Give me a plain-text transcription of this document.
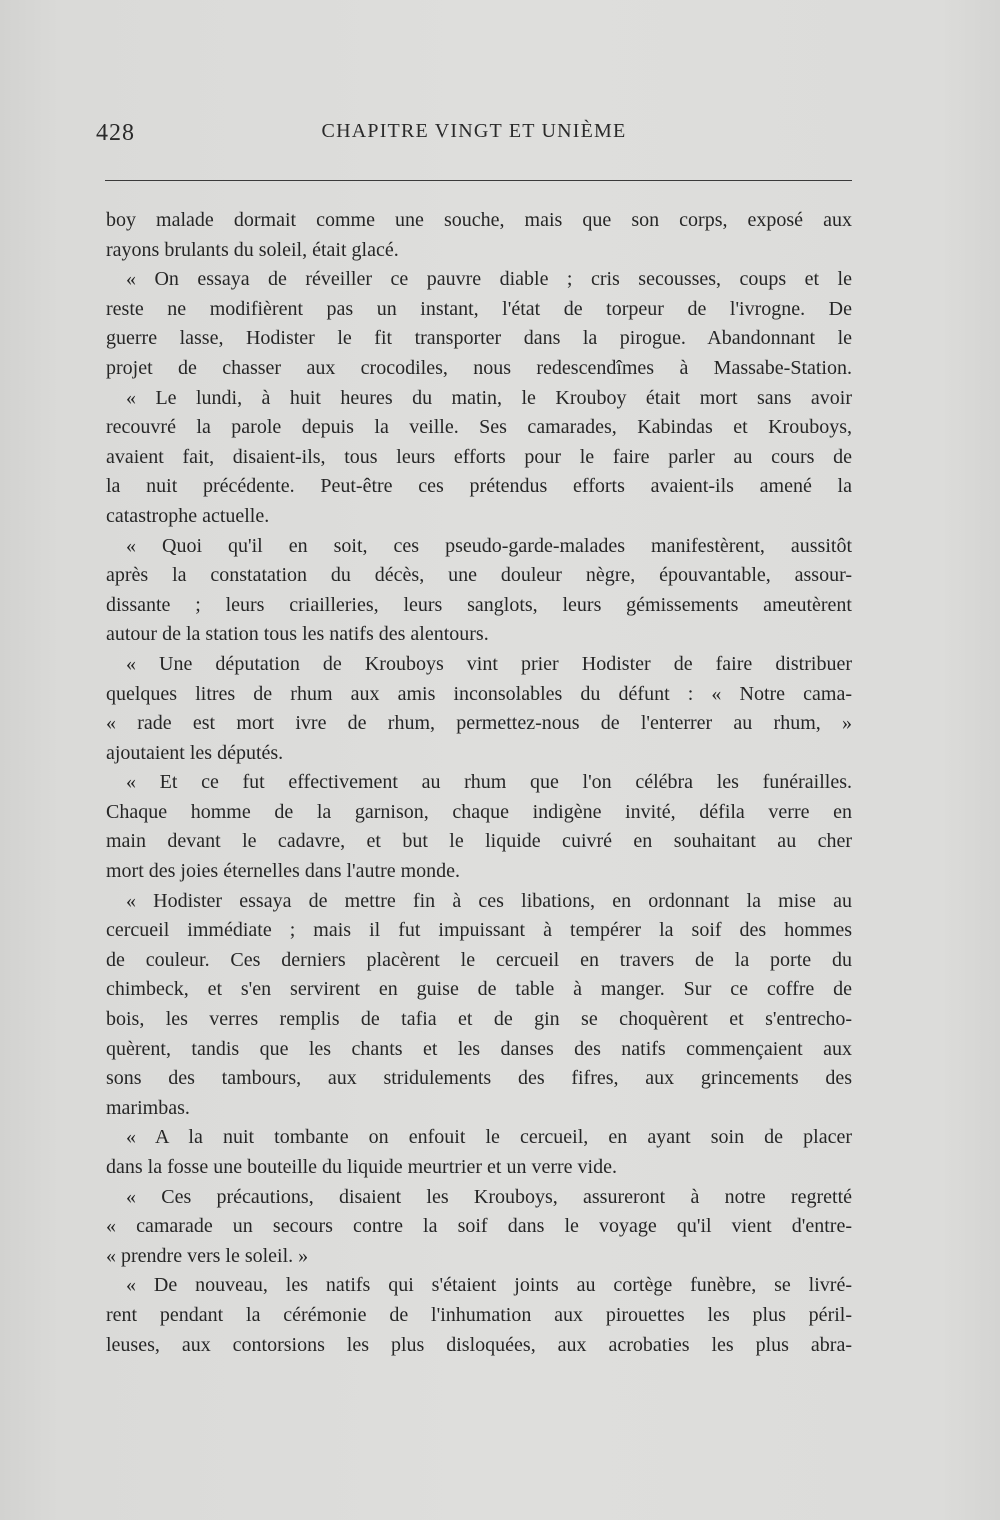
428	CHAPITRE VINGT ET UNIÈME
boy malade dormait comme une souche, mais que son corps, exposé aux
rayons brulants du soleil, était glacé.
« On essaya de réveiller ce pauvre diable ; cris secousses, coups et le
reste ne modifièrent pas un instant, l'état de torpeur de l'ivrogne. De
guerre lasse, Hodister le fit transporter dans la pirogue. Abandonnant le
projet de chasser aux crocodiles, nous redescendîmes à Massabe-Station.
« Le lundi, à huit heures du matin, le Krouboy était mort sans avoir
recouvré la parole depuis la veille. Ses camarades, Kabindas et Krouboys,
avaient fait, disaient-ils, tous leurs efforts pour le faire parler au cours de
la nuit précédente. Peut-être ces prétendus efforts avaient-ils amené la
catastrophe actuelle.
« Quoi qu'il en soit, ces pseudo-garde-malades manifestèrent, aussitôt
après la constatation du décès, une douleur nègre, épouvantable, assour-
dissante ; leurs criailleries, leurs sanglots, leurs gémissements ameutèrent
autour de la station tous les natifs des alentours.
« Une députation de Krouboys vint prier Hodister de faire distribuer
quelques litres de rhum aux amis inconsolables du défunt : « Notre cama-
« rade est mort ivre de rhum, permettez-nous de l'enterrer au rhum, »
ajoutaient les députés.
« Et ce fut effectivement au rhum que l'on célébra les funérailles.
Chaque homme de la garnison, chaque indigène invité, défila verre en
main devant le cadavre, et but le liquide cuivré en souhaitant au cher
mort des joies éternelles dans l'autre monde.
« Hodister essaya de mettre fin à ces libations, en ordonnant la mise au
cercueil immédiate ; mais il fut impuissant à tempérer la soif des hommes
de couleur. Ces derniers placèrent le cercueil en travers de la porte du
chimbeck, et s'en servirent en guise de table à manger. Sur ce coffre de
bois, les verres remplis de tafia et de gin se choquèrent et s'entrecho-
quèrent, tandis que les chants et les danses des natifs commençaient aux
sons des tambours, aux stridulements des fifres, aux grincements des
marimbas.
« A la nuit tombante on enfouit le cercueil, en ayant soin de placer
dans la fosse une bouteille du liquide meurtrier et un verre vide.
« Ces précautions, disaient les Krouboys, assureront à notre regretté
« camarade un secours contre la soif dans le voyage qu'il vient d'entre-
« prendre vers le soleil. »
« De nouveau, les natifs qui s'étaient joints au cortège funèbre, se livré-
rent pendant la cérémonie de l'inhumation aux pirouettes les plus péril-
leuses, aux contorsions les plus disloquées, aux acrobaties les plus abra-
